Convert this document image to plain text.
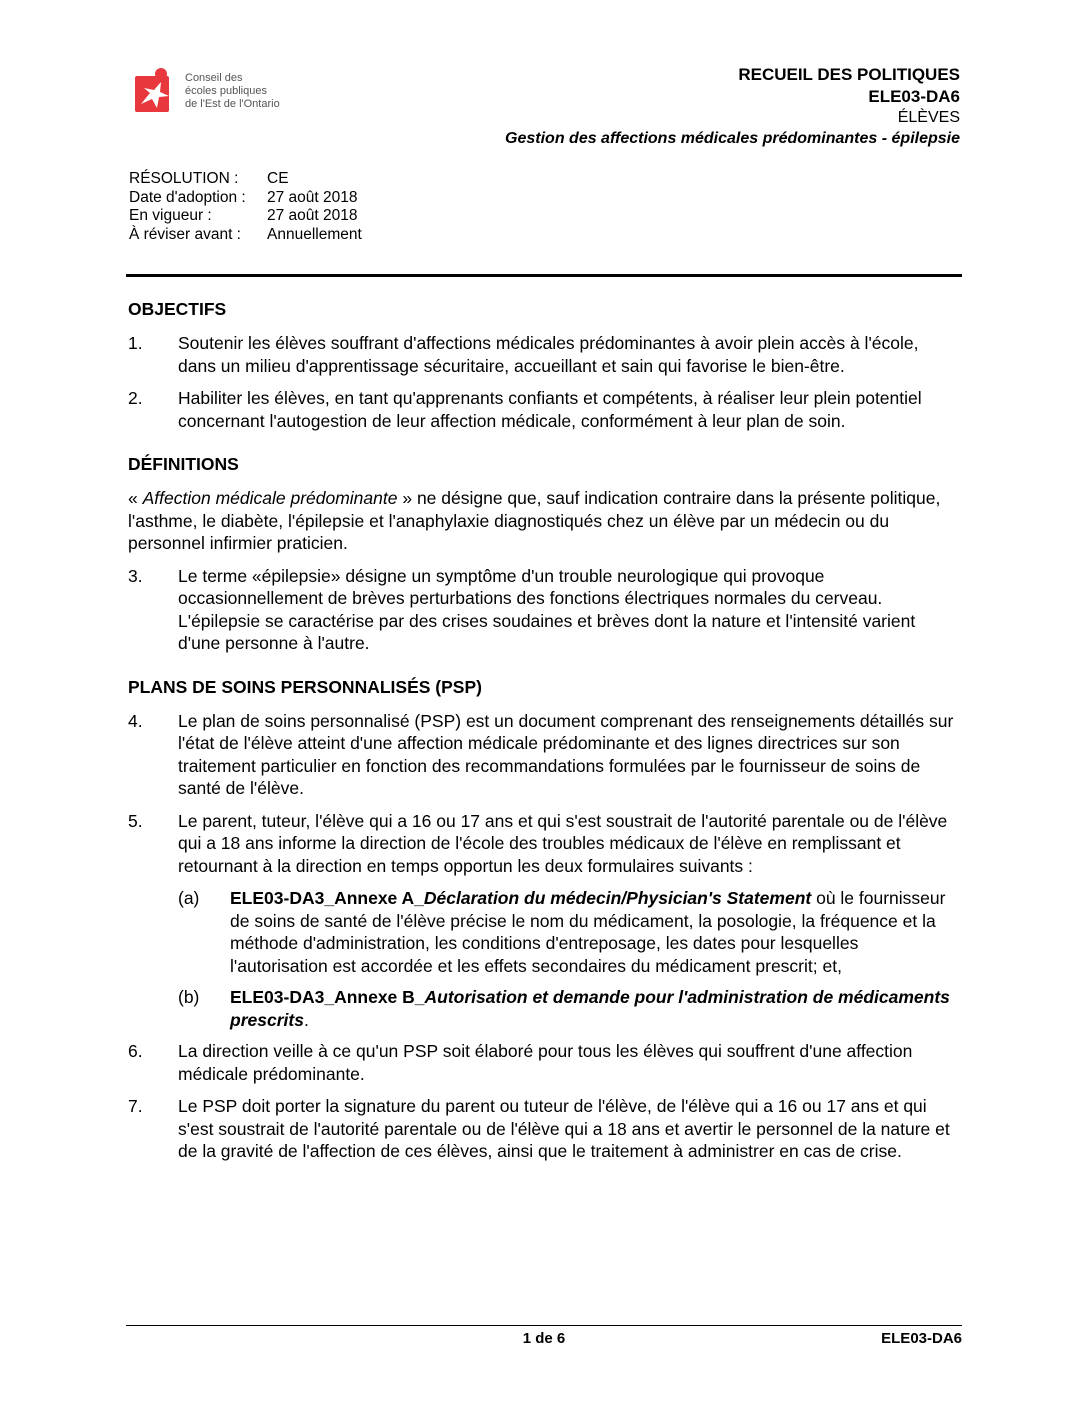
Conseil des
écoles publiques
de l'Est de l'Ontario
RECUEIL DES POLITIQUES
ELE03-DA6
ÉLÈVES
Gestion des affections médicales prédominantes - épilepsie
RÉSOLUTION :	CE
Date d'adoption :	27 août 2018
En vigueur :	27 août 2018
À réviser avant :	Annuellement
OBJECTIFS
1.	Soutenir les élèves souffrant d'affections médicales prédominantes à avoir plein accès à l'école, dans un milieu d'apprentissage sécuritaire, accueillant et sain qui favorise le bien-être.
2.	Habiliter les élèves, en tant qu'apprenants confiants et compétents, à réaliser leur plein potentiel concernant l'autogestion de leur affection médicale, conformément à leur plan de soin.
DÉFINITIONS
« Affection médicale prédominante » ne désigne que, sauf indication contraire dans la présente politique, l'asthme, le diabète, l'épilepsie et l'anaphylaxie diagnostiqués chez un élève par un médecin ou du personnel infirmier praticien.
3.	Le terme «épilepsie» désigne un symptôme d'un trouble neurologique qui provoque occasionnellement de brèves perturbations des fonctions électriques normales du cerveau. L'épilepsie se caractérise par des crises soudaines et brèves dont la nature et l'intensité varient d'une personne à l'autre.
PLANS DE SOINS PERSONNALISÉS (PSP)
4.	Le plan de soins personnalisé (PSP) est un document comprenant des renseignements détaillés sur l'état de l'élève atteint d'une affection médicale prédominante et des lignes directrices sur son traitement particulier en fonction des recommandations formulées par le fournisseur de soins de santé de l'élève.
5.	Le parent, tuteur, l'élève qui a 16 ou 17 ans et qui s'est soustrait de l'autorité parentale ou de l'élève qui a 18 ans informe la direction de l'école des troubles médicaux de l'élève en remplissant et retournant à la direction en temps opportun les deux formulaires suivants :
(a)	ELE03-DA3_Annexe A_Déclaration du médecin/Physician's Statement où le fournisseur de soins de santé de l'élève précise le nom du médicament, la posologie, la fréquence et la méthode d'administration, les conditions d'entreposage, les dates pour lesquelles l'autorisation est accordée et les effets secondaires du médicament prescrit; et,
(b)	ELE03-DA3_Annexe B_Autorisation et demande pour l'administration de médicaments prescrits.
6.	La direction veille à ce qu'un PSP soit élaboré pour tous les élèves qui souffrent d'une affection médicale prédominante.
7.	Le PSP doit porter la signature du parent ou tuteur de l'élève, de l'élève qui a 16 ou 17 ans et qui s'est soustrait de l'autorité parentale ou de l'élève qui a 18 ans et avertir le personnel de la nature et de la gravité de l'affection de ces élèves, ainsi que le traitement à administrer en cas de crise.
1 de 6	ELE03-DA6
